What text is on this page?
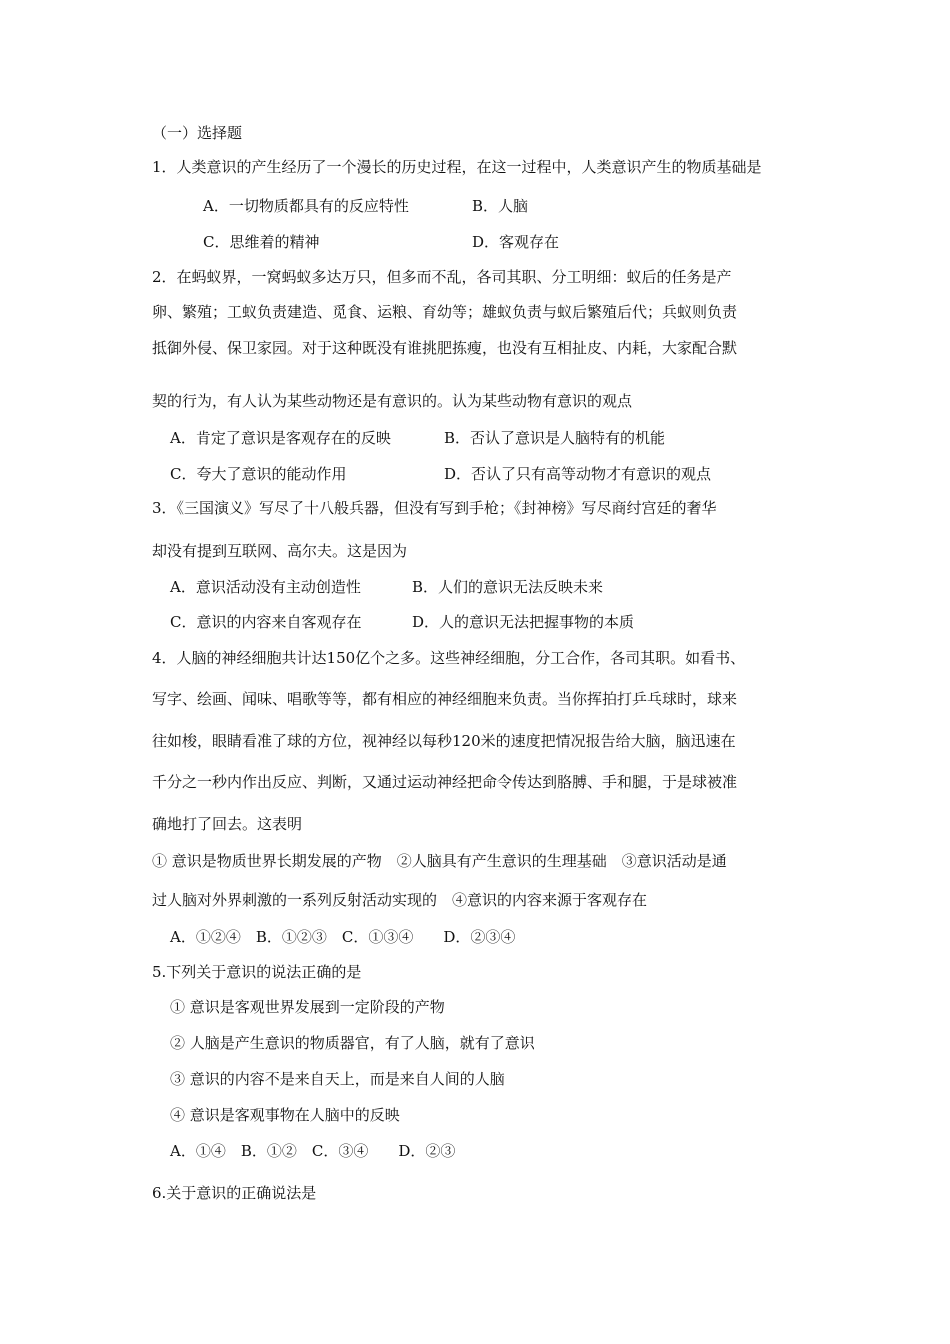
（一）选择题
1．人类意识的产生经历了一个漫长的历史过程，在这一过程中，人类意识产生的物质基础是
A．一切物质都具有的反应特性	B．人脑
C．思维着的精神	D．客观存在
2．在蚂蚁界，一窝蚂蚁多达万只，但多而不乱，各司其职、分工明细：蚁后的任务是产
卵、繁殖；工蚁负责建造、觅食、运粮、育幼等；雄蚁负责与蚁后繁殖后代；兵蚁则负责
抵御外侵、保卫家园。对于这种既没有谁挑肥拣瘦，也没有互相扯皮、内耗，大家配合默
契的行为，有人认为某些动物还是有意识的。认为某些动物有意识的观点
A．肯定了意识是客观存在的反映	B．否认了意识是人脑特有的机能
C．夸大了意识的能动作用	D．否认了只有高等动物才有意识的观点
3．《三国演义》写尽了十八般兵器，但没有写到手枪；《封神榜》写尽商纣宫廷的奢华
却没有提到互联网、高尔夫。这是因为
A．意识活动没有主动创造性	B．人们的意识无法反映未来
C．意识的内容来自客观存在	D．人的意识无法把握事物的本质
4．人脑的神经细胞共计达150亿个之多。这些神经细胞，分工合作，各司其职。如看书、
写字、绘画、闻味、唱歌等等，都有相应的神经细胞来负责。当你挥拍打乒乓球时，球来
往如梭，眼睛看准了球的方位，视神经以每秒120米的速度把情况报告给大脑，脑迅速在
千分之一秒内作出反应、判断，又通过运动神经把命令传达到胳膊、手和腿，于是球被准
确地打了回去。这表明
① 意识是物质世界长期发展的产物　②人脑具有产生意识的生理基础　③意识活动是通
过人脑对外界刺激的一系列反射活动实现的　④意识的内容来源于客观存在
A．①②④　B．①②③　C．①③④　　D．②③④
5.下列关于意识的说法正确的是
① 意识是客观世界发展到一定阶段的产物
② 人脑是产生意识的物质器官，有了人脑，就有了意识
③ 意识的内容不是来自天上，而是来自人间的人脑
④ 意识是客观事物在人脑中的反映
A．①④　B．①②　C．③④　　D．②③
6.关于意识的正确说法是
